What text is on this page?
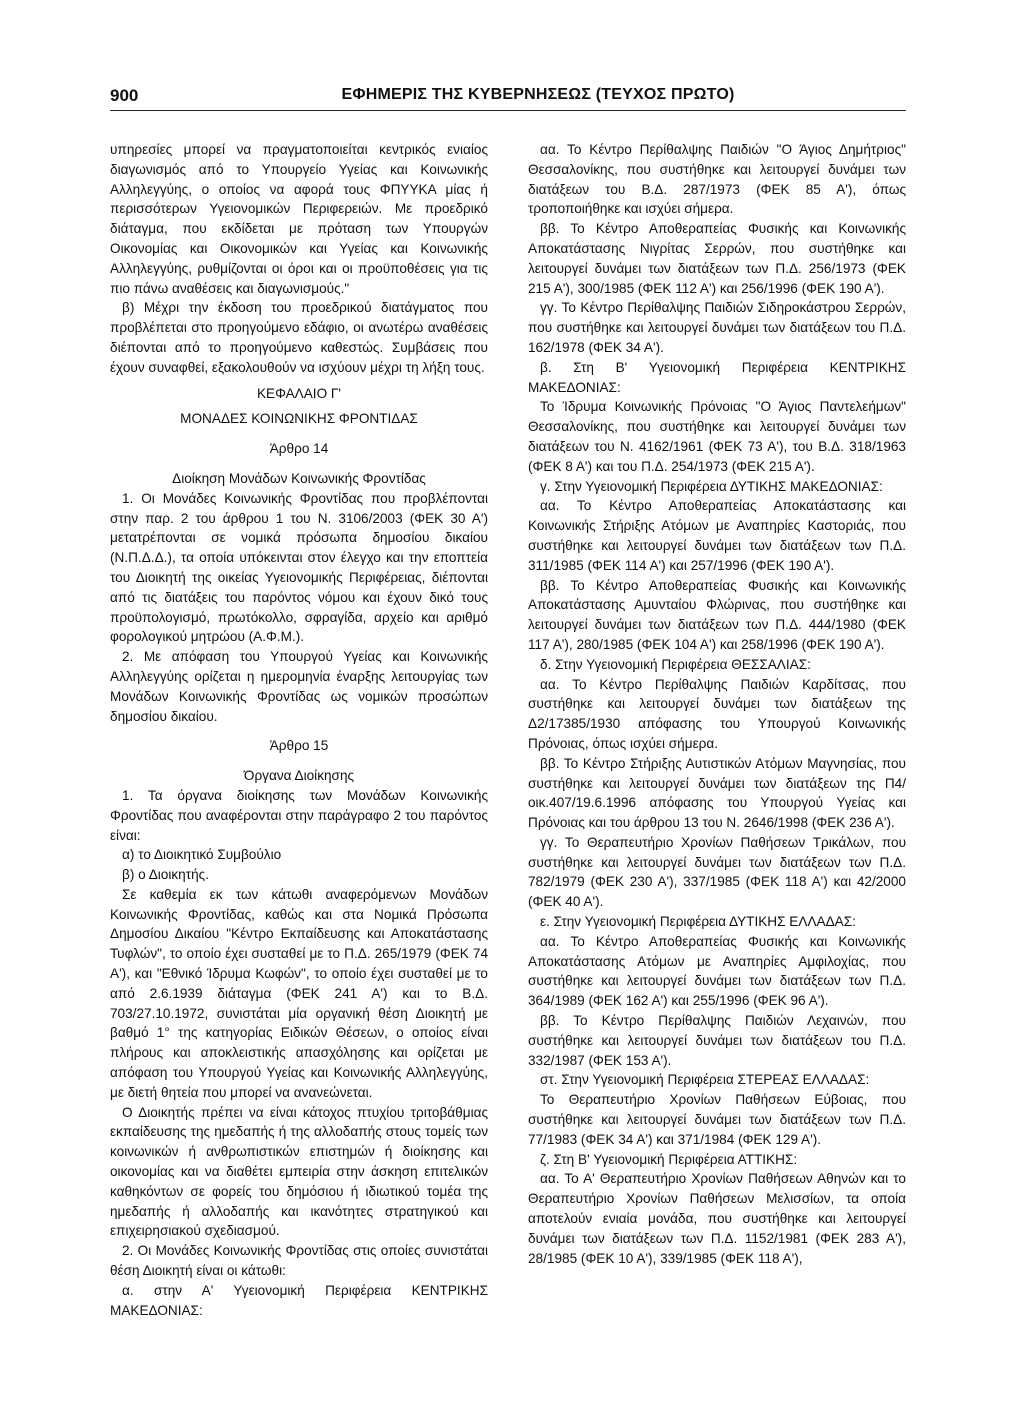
900	ΕΦΗΜΕΡΙΣ ΤΗΣ ΚΥΒΕΡΝΗΣΕΩΣ (ΤΕΥΧΟΣ ΠΡΩΤΟ)

υπηρεσίες μπορεί να πραγματοποιείται κεντρικός ενιαίος διαγωνισμός από το Υπουργείο Υγείας και Κοινωνικής Αλληλεγγύης, ο οποίος να αφορά τους ΦΠΥΥΚΑ μίας ή περισσότερων Υγειονομικών Περιφερειών. Με προεδρικό διάταγμα, που εκδίδεται με πρόταση των Υπουργών Οικονομίας και Οικονομικών και Υγείας και Κοινωνικής Αλληλεγγύης, ρυθμίζονται οι όροι και οι προϋποθέσεις για τις πιο πάνω αναθέσεις και διαγωνισμούς."

β) Μέχρι την έκδοση του προεδρικού διατάγματος που προβλέπεται στο προηγούμενο εδάφιο, οι ανωτέρω αναθέσεις διέπονται από το προηγούμενο καθεστώς. Συμβάσεις που έχουν συναφθεί, εξακολουθούν να ισχύουν μέχρι τη λήξη τους.

ΚΕΦΑΛΑΙΟ Γ'

ΜΟΝΑΔΕΣ ΚΟΙΝΩΝΙΚΗΣ ΦΡΟΝΤΙΔΑΣ

Άρθρο 14

Διοίκηση Μονάδων Κοινωνικής Φροντίδας

1. Οι Μονάδες Κοινωνικής Φροντίδας που προβλέπονται στην παρ. 2 του άρθρου 1 του Ν. 3106/2003 (ΦΕΚ 30 Α') μετατρέπονται σε νομικά πρόσωπα δημοσίου δικαίου (Ν.Π.Δ.Δ.), τα οποία υπόκεινται στον έλεγχο και την εποπτεία του Διοικητή της οικείας Υγειονομικής Περιφέρειας, διέπονται από τις διατάξεις του παρόντος νόμου και έχουν δικό τους προϋπολογισμό, πρωτόκολλο, σφραγίδα, αρχείο και αριθμό φορολογικού μητρώου (Α.Φ.Μ.).

2. Με απόφαση του Υπουργού Υγείας και Κοινωνικής Αλληλεγγύης ορίζεται η ημερομηνία έναρξης λειτουργίας των Μονάδων Κοινωνικής Φροντίδας ως νομικών προσώπων δημοσίου δικαίου.

Άρθρο 15

Όργανα Διοίκησης

1. Τα όργανα διοίκησης των Μονάδων Κοινωνικής Φροντίδας που αναφέρονται στην παράγραφο 2 του παρόντος είναι:

α) το Διοικητικό Συμβούλιο

β) ο Διοικητής.

Σε καθεμία εκ των κάτωθι αναφερόμενων Μονάδων Κοινωνικής Φροντίδας, καθώς και στα Νομικά Πρόσωπα Δημοσίου Δικαίου "Κέντρο Εκπαίδευσης και Αποκατάστασης Τυφλών", το οποίο έχει συσταθεί με το Π.Δ. 265/1979 (ΦΕΚ 74 Α'), και "Εθνικό Ίδρυμα Κωφών", το οποίο έχει συσταθεί με το από 2.6.1939 διάταγμα (ΦΕΚ 241 Α') και το Β.Δ. 703/27.10.1972, συνιστάται μία οργανική θέση Διοικητή με βαθμό 1° της κατηγορίας Ειδικών Θέσεων, ο οποίος είναι πλήρους και αποκλειστικής απασχόλησης και ορίζεται με απόφαση του Υπουργού Υγείας και Κοινωνικής Αλληλεγγύης, με διετή θητεία που μπορεί να ανανεώνεται.

Ο Διοικητής πρέπει να είναι κάτοχος πτυχίου τριτοβάθμιας εκπαίδευσης της ημεδαπής ή της αλλοδαπής στους τομείς των κοινωνικών ή ανθρωπιστικών επιστημών ή διοίκησης και οικονομίας και να διαθέτει εμπειρία στην άσκηση επιτελικών καθηκόντων σε φορείς του δημόσιου ή ιδιωτικού τομέα της ημεδαπής ή αλλοδαπής και ικανότητες στρατηγικού και επιχειρησιακού σχεδιασμού.

2. Οι Μονάδες Κοινωνικής Φροντίδας στις οποίες συνιστάται θέση Διοικητή είναι οι κάτωθι:

α. στην Α' Υγειονομική Περιφέρεια ΚΕΝΤΡΙΚΗΣ ΜΑΚΕΔΟΝΙΑΣ:

αα. Το Κέντρο Περίθαλψης Παιδιών "Ο Άγιος Δημήτριος" Θεσσαλονίκης, που συστήθηκε και λειτουργεί δυνάμει των διατάξεων του Β.Δ. 287/1973 (ΦΕΚ 85 Α'), όπως τροποποιήθηκε και ισχύει σήμερα.

ββ. Το Κέντρο Αποθεραπείας Φυσικής και Κοινωνικής Αποκατάστασης Νιγρίτας Σερρών, που συστήθηκε και λειτουργεί δυνάμει των διατάξεων των Π.Δ. 256/1973 (ΦΕΚ 215 Α'), 300/1985 (ΦΕΚ 112 Α') και 256/1996 (ΦΕΚ 190 Α').

γγ. Το Κέντρο Περίθαλψης Παιδιών Σιδηροκάστρου Σερρών, που συστήθηκε και λειτουργεί δυνάμει των διατάξεων του Π.Δ. 162/1978 (ΦΕΚ 34 Α').

β. Στη Β' Υγειονομική Περιφέρεια ΚΕΝΤΡΙΚΗΣ ΜΑΚΕΔΟΝΙΑΣ:

Το Ίδρυμα Κοινωνικής Πρόνοιας "Ο Άγιος Παντελεήμων" Θεσσαλονίκης, που συστήθηκε και λειτουργεί δυνάμει των διατάξεων του Ν. 4162/1961 (ΦΕΚ 73 Α'), του Β.Δ. 318/1963 (ΦΕΚ 8 Α') και του Π.Δ. 254/1973 (ΦΕΚ 215 Α').

γ. Στην Υγειονομική Περιφέρεια ΔΥΤΙΚΗΣ ΜΑΚΕΔΟΝΙΑΣ:

αα. Το Κέντρο Αποθεραπείας Αποκατάστασης και Κοινωνικής Στήριξης Ατόμων με Αναπηρίες Καστοριάς, που συστήθηκε και λειτουργεί δυνάμει των διατάξεων των Π.Δ. 311/1985 (ΦΕΚ 114 Α') και 257/1996 (ΦΕΚ 190 Α').

ββ. Το Κέντρο Αποθεραπείας Φυσικής και Κοινωνικής Αποκατάστασης Αμυνταίου Φλώρινας, που συστήθηκε και λειτουργεί δυνάμει των διατάξεων των Π.Δ. 444/1980 (ΦΕΚ 117 Α'), 280/1985 (ΦΕΚ 104 Α') και 258/1996 (ΦΕΚ 190 Α').

δ. Στην Υγειονομική Περιφέρεια ΘΕΣΣΑΛΙΑΣ:

αα. Το Κέντρο Περίθαλψης Παιδιών Καρδίτσας, που συστήθηκε και λειτουργεί δυνάμει των διατάξεων της Δ2/17385/1930 απόφασης του Υπουργού Κοινωνικής Πρόνοιας, όπως ισχύει σήμερα.

ββ. Το Κέντρο Στήριξης Αυτιστικών Ατόμων Μαγνησίας, που συστήθηκε και λειτουργεί δυνάμει των διατάξεων της Π4/οικ.407/19.6.1996 απόφασης του Υπουργού Υγείας και Πρόνοιας και του άρθρου 13 του Ν. 2646/1998 (ΦΕΚ 236 Α').

γγ. Το Θεραπευτήριο Χρονίων Παθήσεων Τρικάλων, που συστήθηκε και λειτουργεί δυνάμει των διατάξεων των Π.Δ. 782/1979 (ΦΕΚ 230 Α'), 337/1985 (ΦΕΚ 118 Α') και 42/2000 (ΦΕΚ 40 Α').

ε. Στην Υγειονομική Περιφέρεια ΔΥΤΙΚΗΣ ΕΛΛΑΔΑΣ:

αα. Το Κέντρο Αποθεραπείας Φυσικής και Κοινωνικής Αποκατάστασης Ατόμων με Αναπηρίες Αμφιλοχίας, που συστήθηκε και λειτουργεί δυνάμει των διατάξεων των Π.Δ. 364/1989 (ΦΕΚ 162 Α') και 255/1996 (ΦΕΚ 96 Α').

ββ. Το Κέντρο Περίθαλψης Παιδιών Λεχαινών, που συστήθηκε και λειτουργεί δυνάμει των διατάξεων του Π.Δ. 332/1987 (ΦΕΚ 153 Α').

στ. Στην Υγειονομική Περιφέρεια ΣΤΕΡΕΑΣ ΕΛΛΑΔΑΣ:

Το Θεραπευτήριο Χρονίων Παθήσεων Εύβοιας, που συστήθηκε και λειτουργεί δυνάμει των διατάξεων των Π.Δ. 77/1983 (ΦΕΚ 34 Α') και 371/1984 (ΦΕΚ 129 Α').

ζ. Στη Β' Υγειονομική Περιφέρεια ΑΤΤΙΚΗΣ:

αα. Το Α' Θεραπευτήριο Χρονίων Παθήσεων Αθηνών και το Θεραπευτήριο Χρονίων Παθήσεων Μελισσίων, τα οποία αποτελούν ενιαία μονάδα, που συστήθηκε και λειτουργεί δυνάμει των διατάξεων των Π.Δ. 1152/1981 (ΦΕΚ 283 Α'), 28/1985 (ΦΕΚ 10 Α'), 339/1985 (ΦΕΚ 118 Α'),
